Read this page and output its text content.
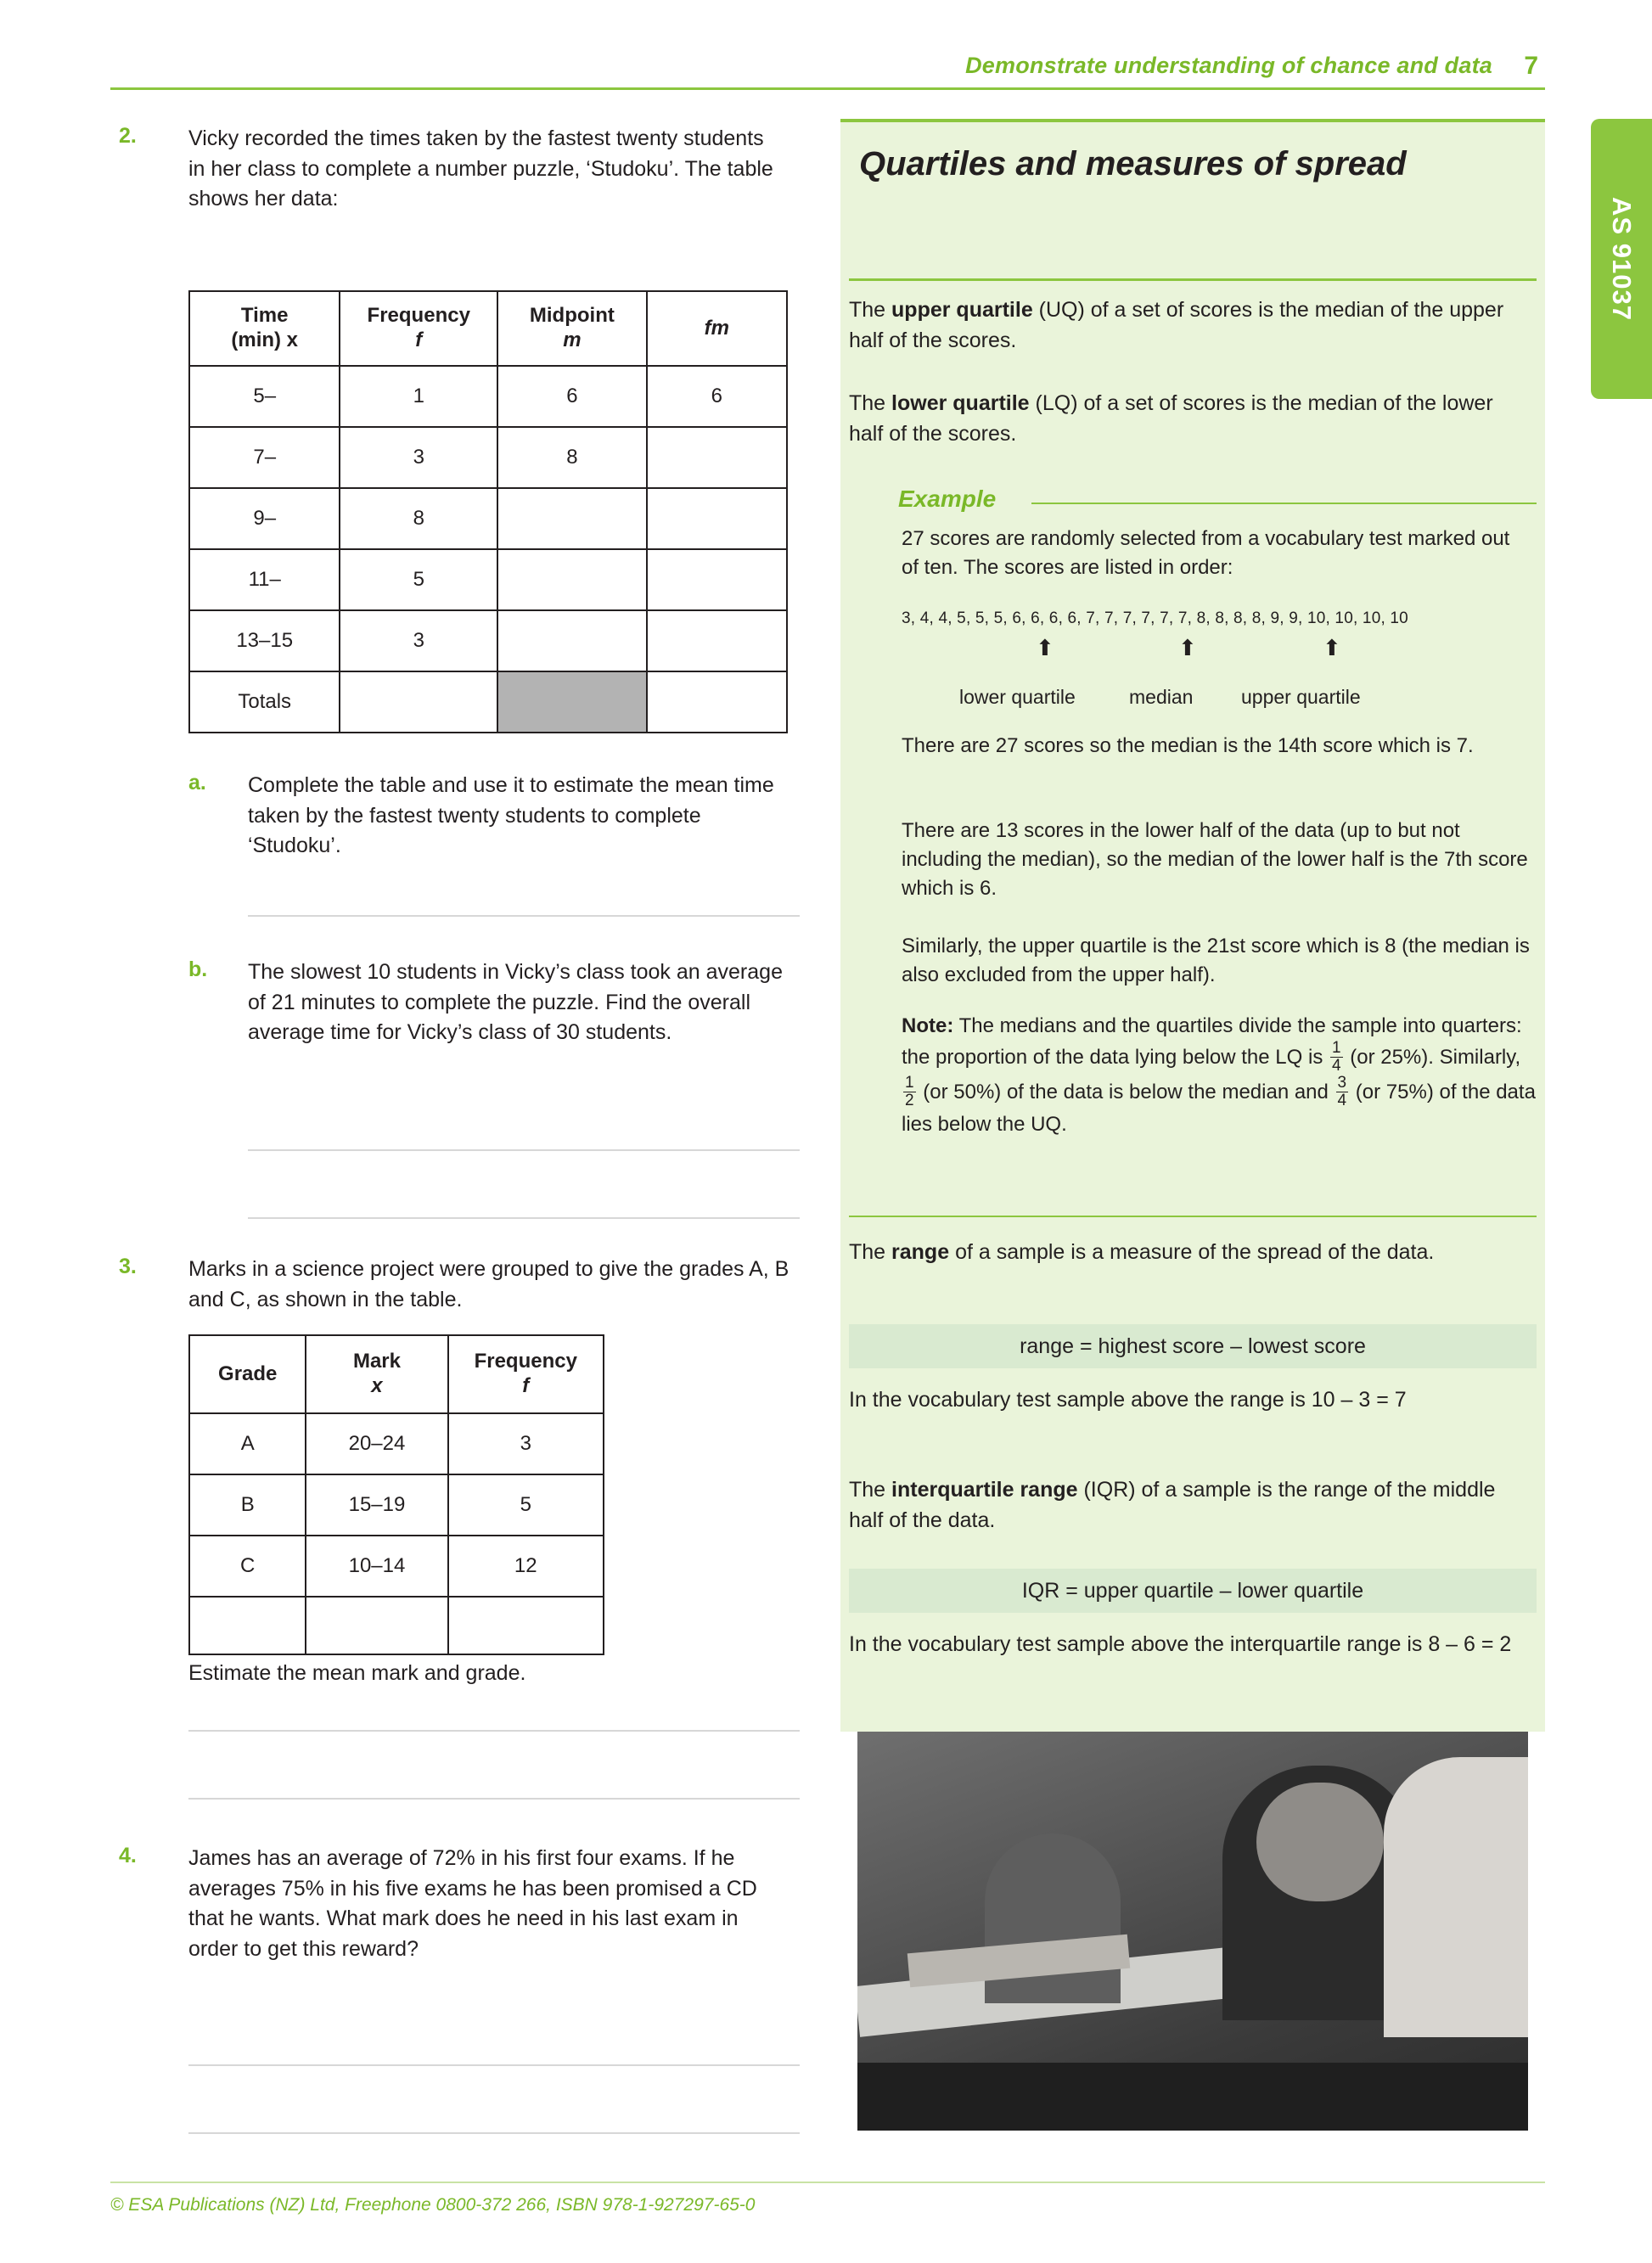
Demonstrate understanding of chance and data 7
AS 91037
2. Vicky recorded the times taken by the fastest twenty students in her class to complete a number puzzle, ‘Studoku’. The table shows her data:
Time
(min) x

Frequency
f

Midpoint
m

fm

5–	1	6	6
7–	3	8	
9–	8		
11–	5		
13–15	3		
Totals			
a. Complete the table and use it to estimate the mean time taken by the fastest twenty students to complete ‘Studoku’.
b. The slowest 10 students in Vicky’s class took an average of 21 minutes to complete the puzzle. Find the overall average time for Vicky’s class of 30 students.
3. Marks in a science project were grouped to give the grades A, B and C, as shown in the table.
Grade

Mark
x

Frequency
f

A	20–24	3
B	15–19	5
C	10–14	12

Estimate the mean mark and grade.
4. James has an average of 72% in his first four exams. If he averages 75% in his five exams he has been promised a CD that he wants. What mark does he need in his last exam in order to get this reward?
Quartiles and measures of spread
The upper quartile (UQ) of a set of scores is the median of the upper half of the scores.
The lower quartile (LQ) of a set of scores is the median of the lower half of the scores.
Example
27 scores are randomly selected from a vocabulary test marked out of ten. The scores are listed in order:
3, 4, 4, 5, 5, 5, 6, 6, 6, 6, 7, 7, 7, 7, 7, 7, 8, 8, 8, 8, 9, 9, 10, 10, 10, 10
⬆	⬆	⬆
lower quartile	median upper quartile
There are 27 scores so the median is the 14th score which is 7.
There are 13 scores in the lower half of the data (up to but not including the median), so the median of the lower half is the 7th score which is 6.
Similarly, the upper quartile is the 21st score which is 8 (the median is also excluded from the upper half).
Note: The medians and the quartiles divide the sample into quarters: the proportion of the data lying below the LQ is $\frac{1}{4} (or$ 25%). Similarly,
$\frac{1}{2} (or$ 50%) of the data is below the median and $\frac{3}{4} (or$ 75%) of the data lies below the UQ.
The range of a sample is a measure of the spread of the data.
range = highest score – lowest score
In the vocabulary test sample above the range is 10 – 3 = 7
The interquartile range (IQR) of a sample is the range of the middle half of the data.
IQR = upper quartile – lower quartile
In the vocabulary test sample above the interquartile range is 8 – 6 = 2
© ESA Publications (NZ) Ltd, Freephone 0800-372 266, ISBN 978-1-927297-65-0
